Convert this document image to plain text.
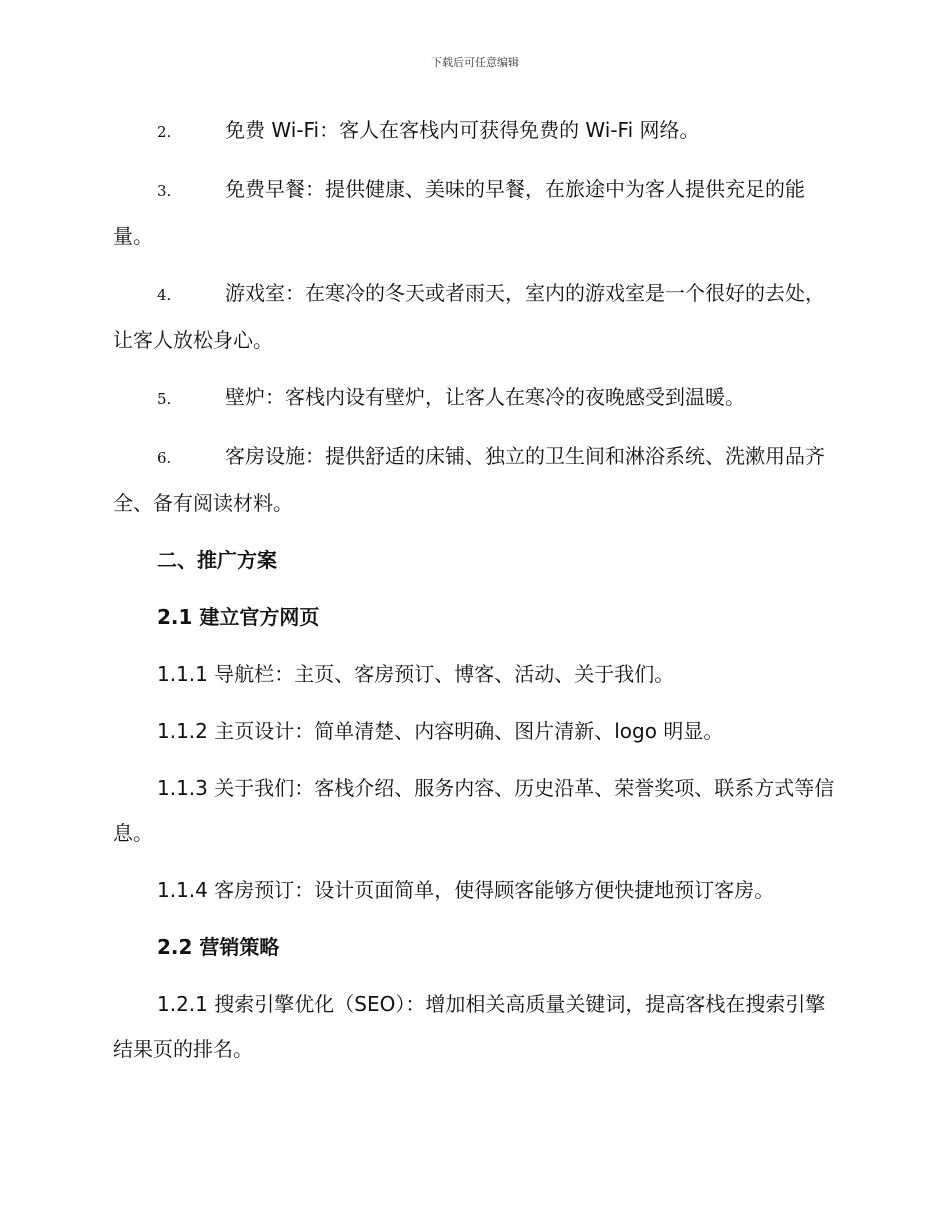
下载后可任意编辑

2.	免费 Wi-Fi：客人在客栈内可获得免费的 Wi-Fi 网络。

3.	免费早餐：提供健康、美味的早餐，在旅途中为客人提供充足的能量。

4.	游戏室：在寒冷的冬天或者雨天，室内的游戏室是一个很好的去处，让客人放松身心。

5.	壁炉：客栈内设有壁炉，让客人在寒冷的夜晚感受到温暖。

6.	客房设施：提供舒适的床铺、独立的卫生间和淋浴系统、洗漱用品齐全、备有阅读材料。

二、推广方案
2.1 建立官方网页

1.1.1 导航栏：主页、客房预订、博客、活动、关于我们。

1.1.2 主页设计：简单清楚、内容明确、图片清新、logo 明显。

1.1.3 关于我们：客栈介绍、服务内容、历史沿革、荣誉奖项、联系方式等信息。

1.1.4 客房预订：设计页面简单，使得顾客能够方便快捷地预订客房。

2.2 营销策略

1.2.1 搜索引擎优化（SEO）：增加相关高质量关键词，提高客栈在搜索引擎结果页的排名。
